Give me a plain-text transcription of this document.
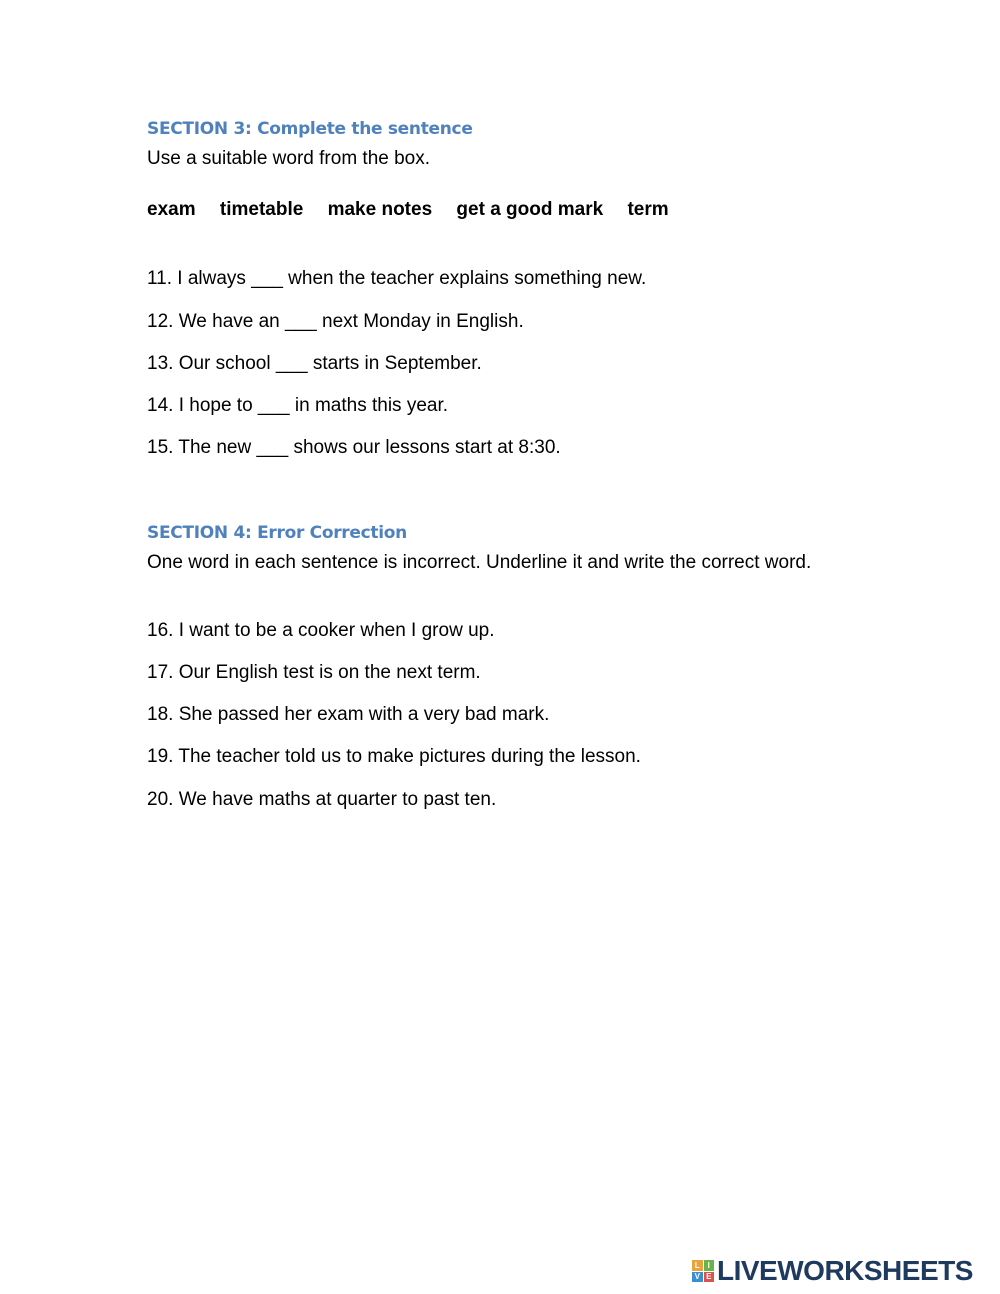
SECTION 3: Complete the sentence

Use a suitable word from the box.

exam timetable make notes get a good mark term

11. I always ___ when the teacher explains something new.

12. We have an ___ next Monday in English.

13. Our school ___ starts in September.

14. I hope to ___ in maths this year.

15. The new ___ shows our lessons start at 8:30.

SECTION 4: Error Correction

One word in each sentence is incorrect. Underline it and write the correct word.

16. I want to be a cooker when I grow up.

17. Our English test is on the next term.

18. She passed her exam with a very bad mark.

19. The teacher told us to make pictures during the lesson.

20. We have maths at quarter to past ten.

L I
V E LIVEWORKSHEETS
